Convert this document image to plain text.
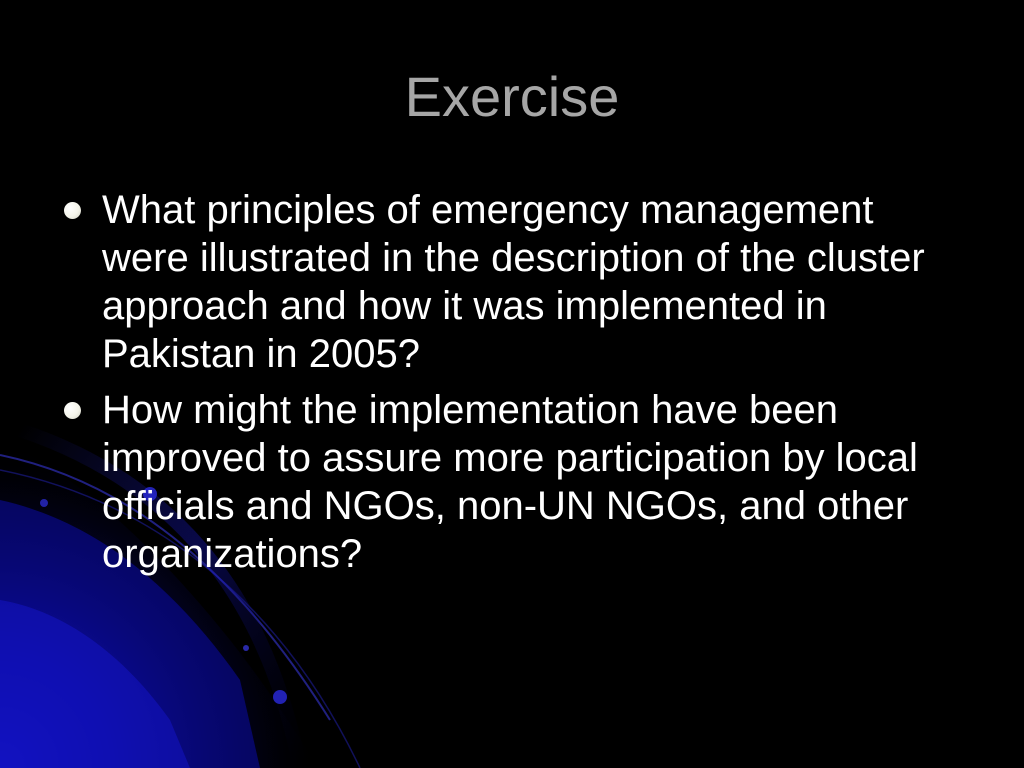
Exercise
What principles of emergency management were illustrated in the description of the cluster approach and how it was implemented in Pakistan in 2005?
How might the implementation have been improved to assure more participation by local officials and NGOs, non-UN NGOs, and other organizations?
